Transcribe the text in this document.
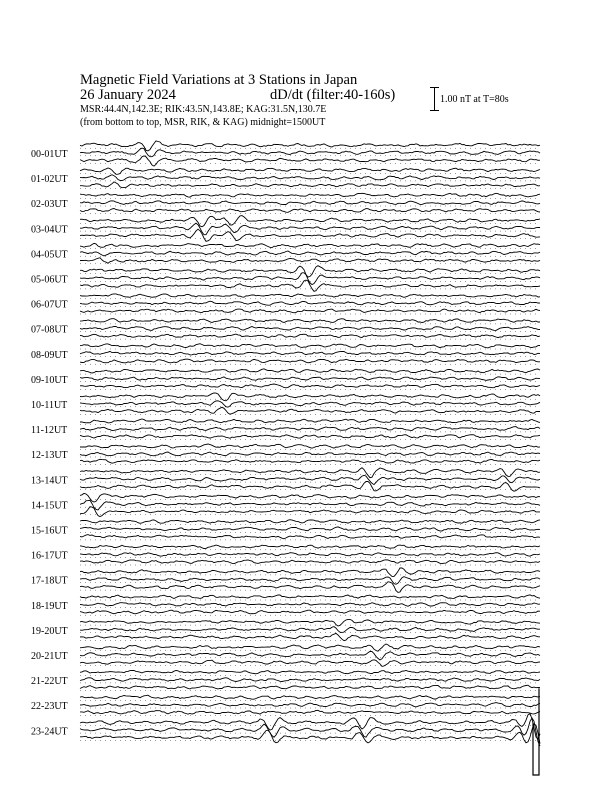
Magnetic Field Variations at 3 Stations in Japan
26 January 2024	dD/dt (filter:40-160s)
MSR:44.4N,142.3E; RIK:43.5N,143.8E; KAG:31.5N,130.7E
(from bottom to top, MSR, RIK, & KAG) midnight=1500UT
1.00 nT at T=80s
00-01UT
01-02UT
02-03UT
03-04UT
04-05UT
05-06UT
06-07UT
07-08UT
08-09UT
09-10UT
10-11UT
11-12UT
12-13UT
13-14UT
14-15UT
15-16UT
16-17UT
17-18UT
18-19UT
19-20UT
20-21UT
21-22UT
22-23UT
23-24UT
